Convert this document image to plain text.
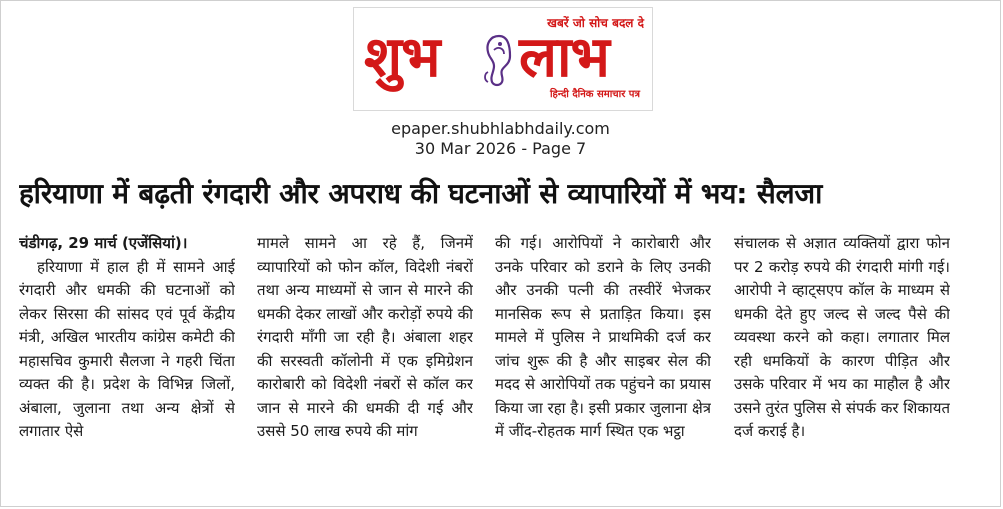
खबरें जो सोच बदल दे
शुभ लाभ
हिन्दी दैनिक समाचार पत्र
epaper.shubhlabhdaily.com
30 Mar 2026 - Page 7
हरियाणा में बढ़ती रंगदारी और अपराध की घटनाओं से व्यापारियों में भय: सैलजा

चंडीगढ़, 29 मार्च (एजेंसियां)।

हरियाणा में हाल ही में सामने आई रंगदारी और धमकी की घटनाओं को लेकर सिरसा की सांसद एवं पूर्व केंद्रीय मंत्री, अखिल भारतीय कांग्रेस कमेटी की महासचिव कुमारी सैलजा ने गहरी चिंता व्यक्त की है। प्रदेश के विभिन्न जिलों, अंबाला, जुलाना तथा अन्य क्षेत्रों से लगातार ऐसे

मामले सामने आ रहे हैं, जिनमें व्यापारियों को फोन कॉल, विदेशी नंबरों तथा अन्य माध्यमों से जान से मारने की धमकी देकर लाखों और करोड़ों रुपये की रंगदारी माँगी जा रही है। अंबाला शहर की सरस्वती कॉलोनी में एक इमिग्रेशन कारोबारी को विदेशी नंबरों से कॉल कर जान से मारने की धमकी दी गई और उससे 50 लाख रुपये की मांग

की गई। आरोपियों ने कारोबारी और उनके परिवार को डराने के लिए उनकी और उनकी पत्नी की तस्वीरें भेजकर मानसिक रूप से प्रताड़ित किया। इस मामले में पुलिस ने प्राथमिकी दर्ज कर जांच शुरू की है और साइबर सेल की मदद से आरोपियों तक पहुंचने का प्रयास किया जा रहा है। इसी प्रकार जुलाना क्षेत्र में जींद-रोहतक मार्ग स्थित एक भट्ठा

संचालक से अज्ञात व्यक्तियों द्वारा फोन पर 2 करोड़ रुपये की रंगदारी मांगी गई। आरोपी ने व्हाट्सएप कॉल के माध्यम से धमकी देते हुए जल्द से जल्द पैसे की व्यवस्था करने को कहा। लगातार मिल रही धमकियों के कारण पीड़ित और उसके परिवार में भय का माहौल है और उसने तुरंत पुलिस से संपर्क कर शिकायत दर्ज कराई है।
